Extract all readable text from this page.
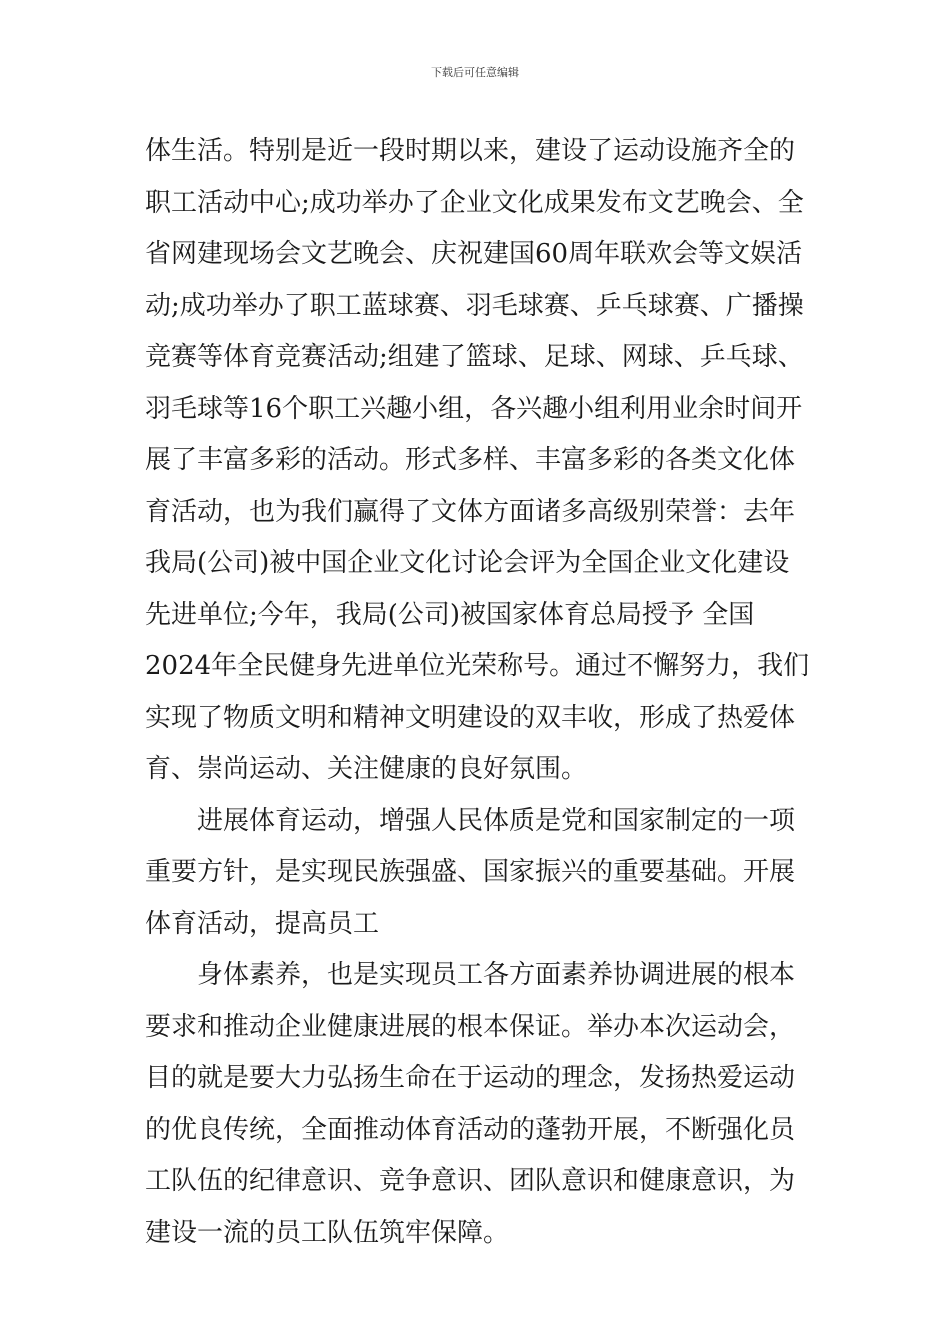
下载后可任意编辑
体生活。特别是近一段时期以来，建设了运动设施齐全的
职工活动中心;成功举办了企业文化成果发布文艺晚会、全
省网建现场会文艺晚会、庆祝建国60周年联欢会等文娱活
动;成功举办了职工蓝球赛、羽毛球赛、乒乓球赛、广播操
竞赛等体育竞赛活动;组建了篮球、足球、网球、乒乓球、
羽毛球等16个职工兴趣小组，各兴趣小组利用业余时间开
展了丰富多彩的活动。形式多样、丰富多彩的各类文化体
育活动，也为我们赢得了文体方面诸多高级别荣誉：去年
我局(公司)被中国企业文化讨论会评为全国企业文化建设
先进单位;今年，我局(公司)被国家体育总局授予 全国
2024年全民健身先进单位光荣称号。通过不懈努力，我们
实现了物质文明和精神文明建设的双丰收，形成了热爱体
育、崇尚运动、关注健康的良好氛围。
进展体育运动，增强人民体质是党和国家制定的一项
重要方针，是实现民族强盛、国家振兴的重要基础。开展
体育活动，提高员工
身体素养，也是实现员工各方面素养协调进展的根本
要求和推动企业健康进展的根本保证。举办本次运动会，
目的就是要大力弘扬生命在于运动的理念，发扬热爱运动
的优良传统，全面推动体育活动的蓬勃开展，不断强化员
工队伍的纪律意识、竞争意识、团队意识和健康意识，为
建设一流的员工队伍筑牢保障。
